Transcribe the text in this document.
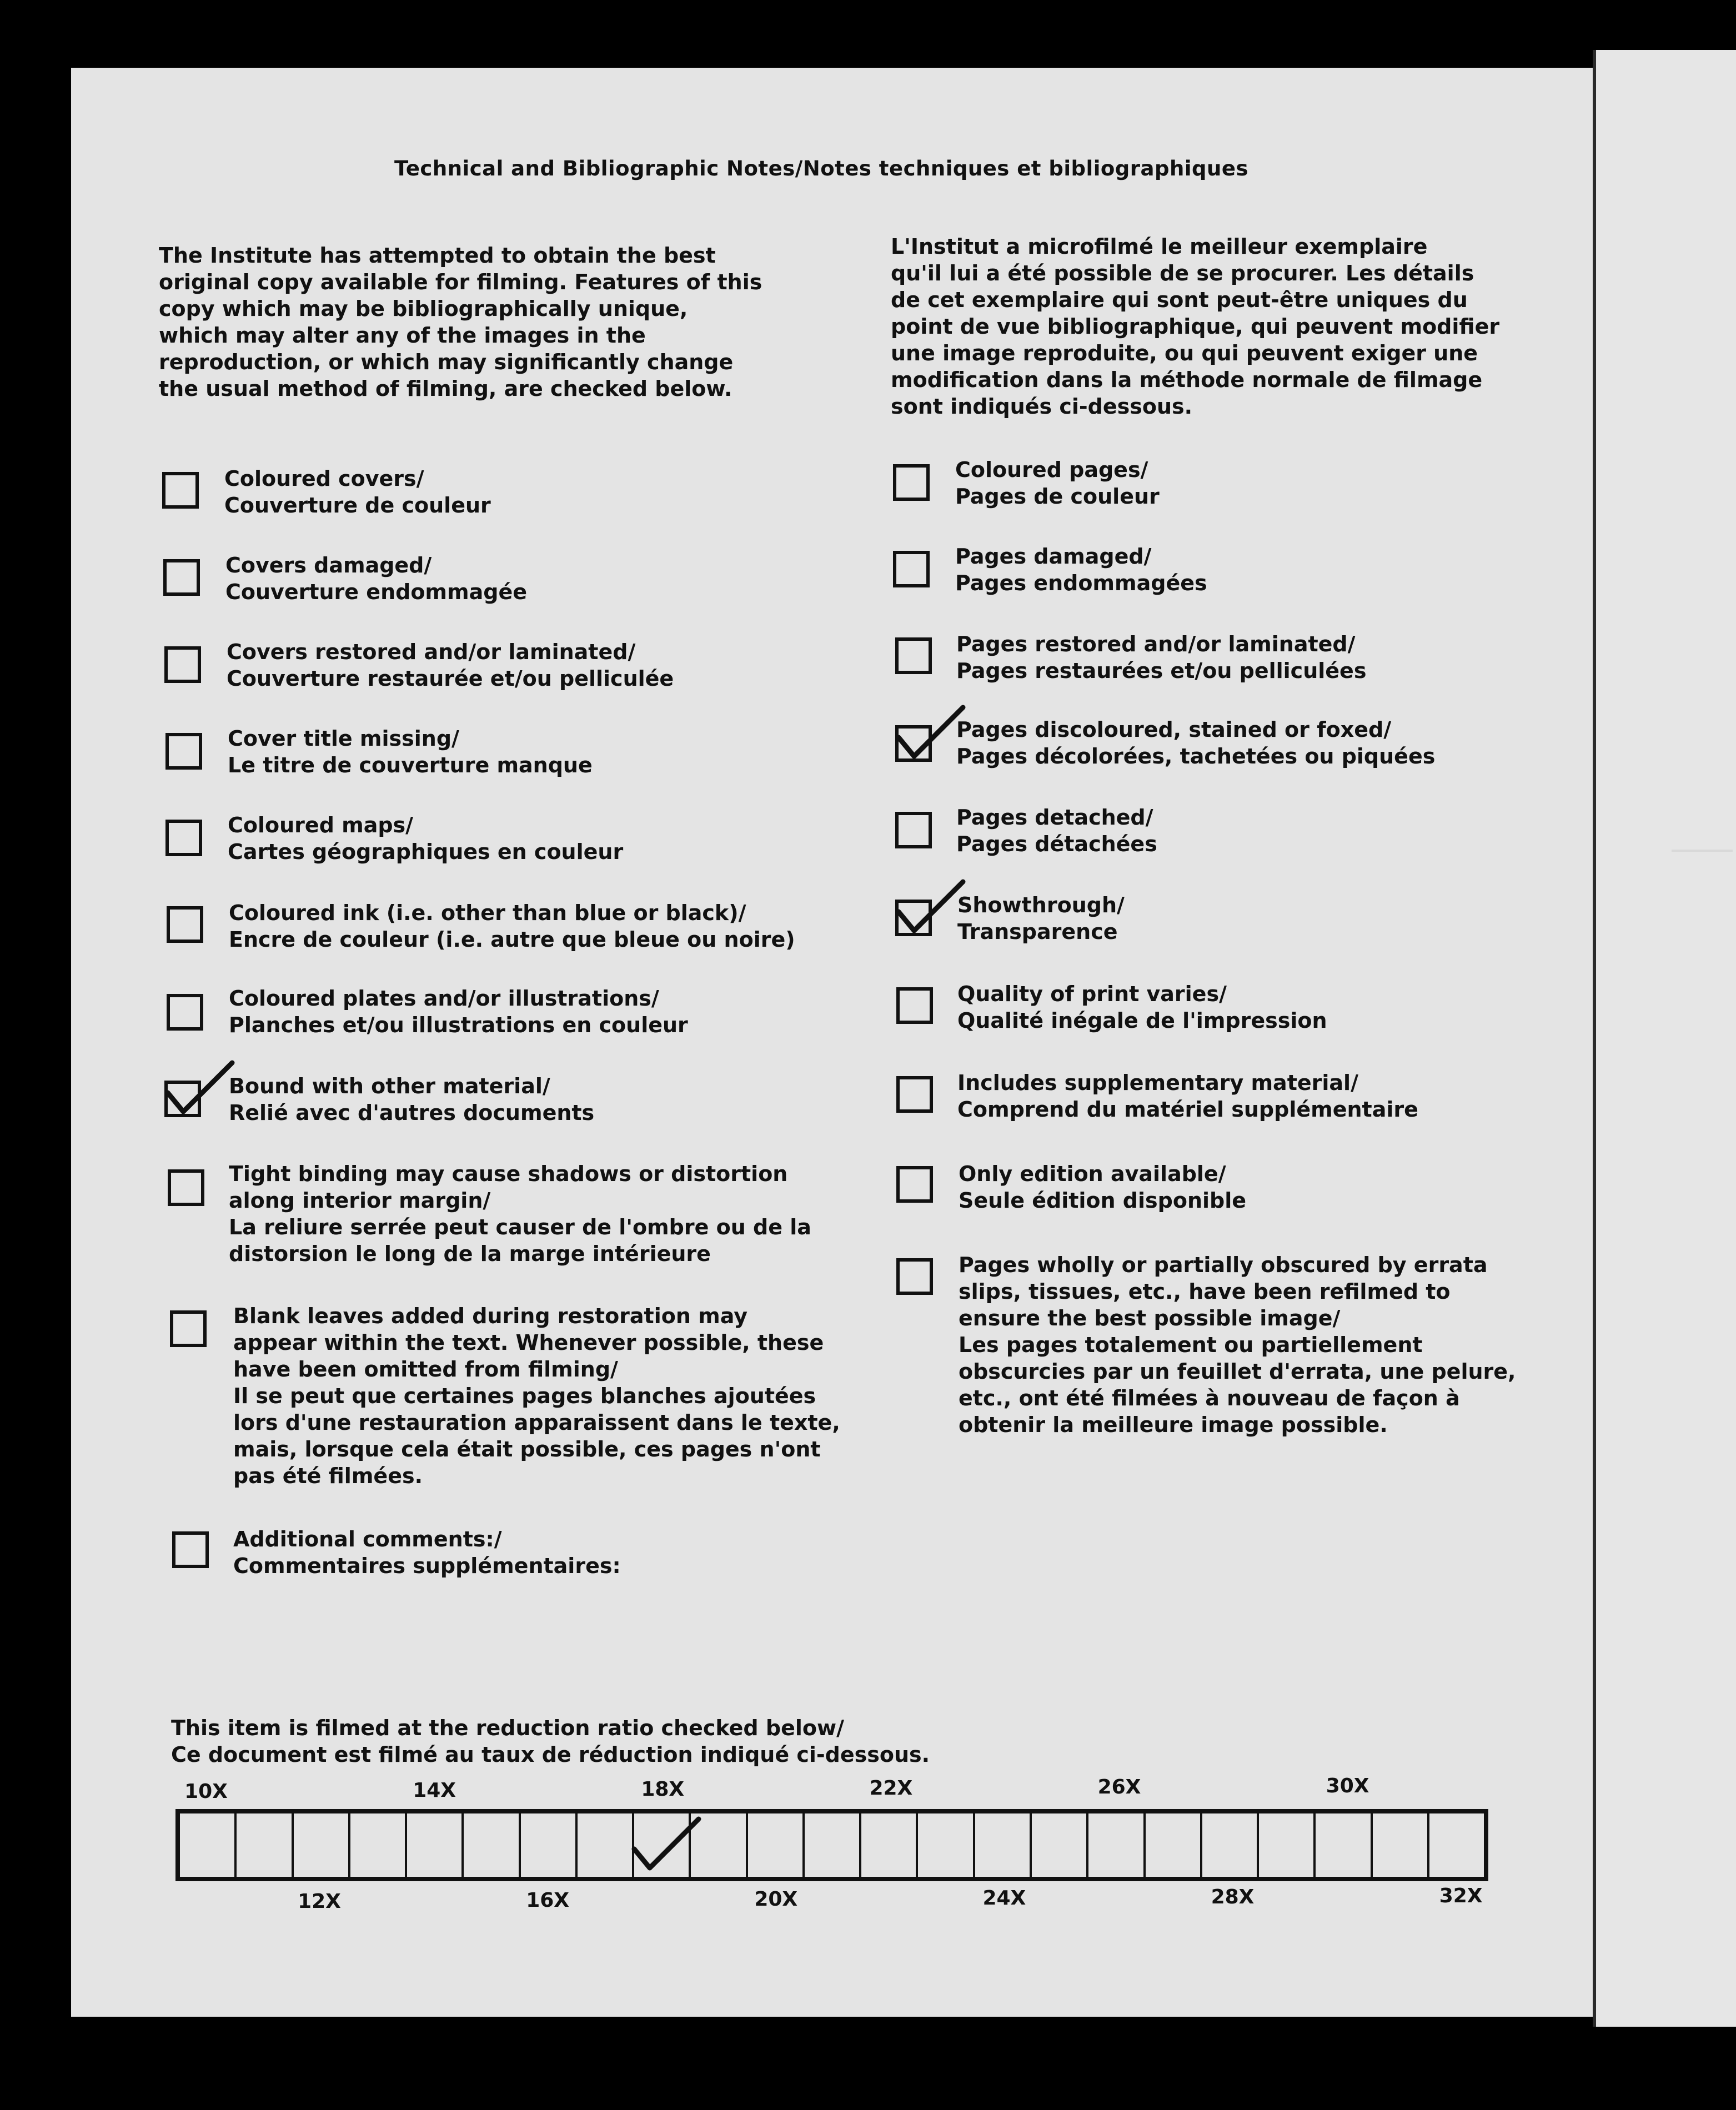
Technical and Bibliographic Notes/Notes techniques et bibliographiques
The Institute has attempted to obtain the best
original copy available for filming. Features of this
copy which may be bibliographically unique,
which may alter any of the images in the
reproduction, or which may significantly change
the usual method of filming, are checked below.
L'Institut a microfilmé le meilleur exemplaire
qu'il lui a été possible de se procurer. Les détails
de cet exemplaire qui sont peut-être uniques du
point de vue bibliographique, qui peuvent modifier
une image reproduite, ou qui peuvent exiger une
modification dans la méthode normale de filmage
sont indiqués ci-dessous.
This item is filmed at the reduction ratio checked below/
Ce document est filmé au taux de réduction indiqué ci-dessous.
10X	14X	18X	22X	26X	30X
12X	16X	20X	24X	28X	32X
Coloured covers/
Couverture de couleur
Covers damaged/
Couverture endommagée
Covers restored and/or laminated/
Couverture restaurée et/ou pelliculée
Cover title missing/
Le titre de couverture manque
Coloured maps/
Cartes géographiques en couleur
Coloured ink (i.e. other than blue or black)/
Encre de couleur (i.e. autre que bleue ou noire)
Coloured plates and/or illustrations/
Planches et/ou illustrations en couleur
Bound with other material/
Relié avec d'autres documents
Tight binding may cause shadows or distortion
along interior margin/
La reliure serrée peut causer de l'ombre ou de la
distorsion le long de la marge intérieure
Blank leaves added during restoration may
appear within the text. Whenever possible, these
have been omitted from filming/
Il se peut que certaines pages blanches ajoutées
lors d'une restauration apparaissent dans le texte,
mais, lorsque cela était possible, ces pages n'ont
pas été filmées.
Additional comments:/
Commentaires supplémentaires:
Coloured pages/
Pages de couleur
Pages damaged/
Pages endommagées
Pages restored and/or laminated/
Pages restaurées et/ou pelliculées
Pages discoloured, stained or foxed/
Pages décolorées, tachetées ou piquées
Pages detached/
Pages détachées
Showthrough/
Transparence
Quality of print varies/
Qualité inégale de l'impression
Includes supplementary material/
Comprend du matériel supplémentaire
Only edition available/
Seule édition disponible
Pages wholly or partially obscured by errata
slips, tissues, etc., have been refilmed to
ensure the best possible image/
Les pages totalement ou partiellement
obscurcies par un feuillet d'errata, une pelure,
etc., ont été filmées à nouveau de façon à
obtenir la meilleure image possible.
